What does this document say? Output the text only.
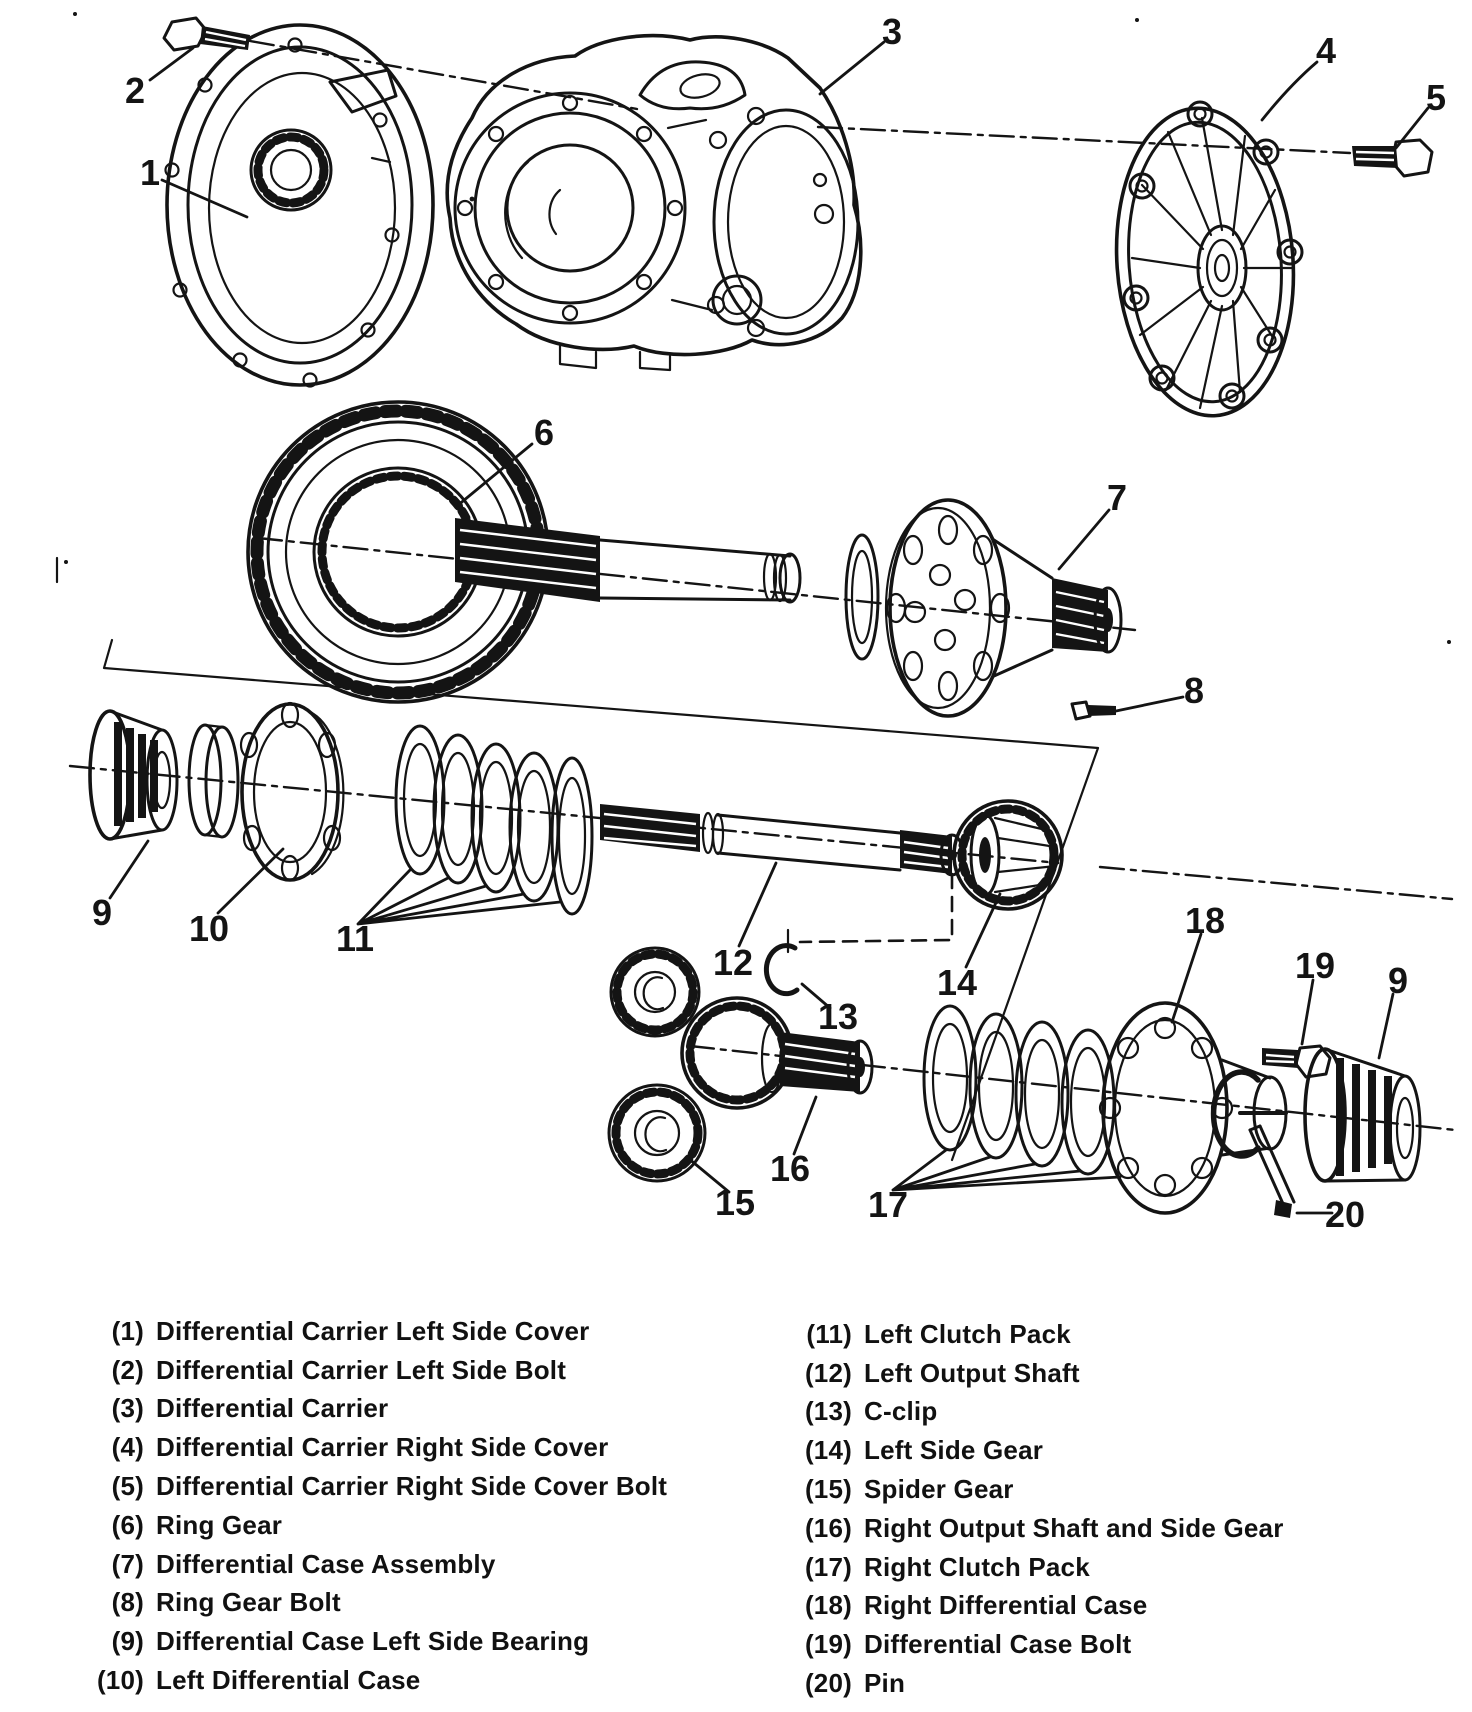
1
2
3	4
5
6
7
8
9 10	11
12
13
14
15
16
17
18
19 9
20
(1) Differential Carrier Left Side Cover
(2) Differential Carrier Left Side Bolt
(3) Differential Carrier
(4) Differential Carrier Right Side Cover
(5) Differential Carrier Right Side Cover Bolt
(6) Ring Gear
(7) Differential Case Assembly
(8) Ring Gear Bolt
(9) Differential Case Left Side Bearing
(10) Left Differential Case
(11) Left Clutch Pack
(12) Left Output Shaft
(13) C-clip
(14) Left Side Gear
(15) Spider Gear
(16) Right Output Shaft and Side Gear
(17) Right Clutch Pack
(18) Right Differential Case
(19) Differential Case Bolt
(20) Pin
